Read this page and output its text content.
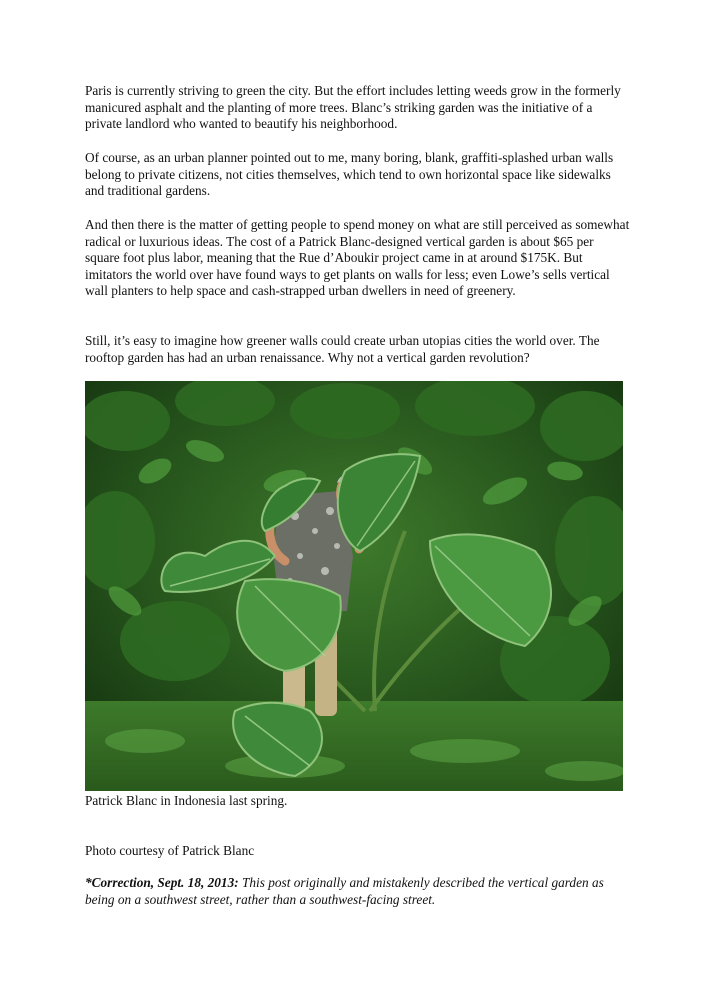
Paris is currently striving to green the city. But the effort includes letting weeds grow in the formerly manicured asphalt and the planting of more trees. Blanc’s striking garden was the initiative of a private landlord who wanted to beautify his neighborhood.

Of course, as an urban planner pointed out to me, many boring, blank, graffiti-splashed urban walls belong to private citizens, not cities themselves, which tend to own horizontal space like sidewalks and traditional gardens.

And then there is the matter of getting people to spend money on what are still perceived as somewhat radical or luxurious ideas. The cost of a Patrick Blanc-designed vertical garden is about $65 per square foot plus labor, meaning that the Rue d’Aboukir project came in at around $175K. But imitators the world over have found ways to get plants on walls for less; even Lowe’s sells vertical wall planters to help space and cash-strapped urban dwellers in need of greenery.

Still, it’s easy to imagine how greener walls could create urban utopias cities the world over. The rooftop garden has had an urban renaissance. Why not a vertical garden revolution?

Patrick Blanc in Indonesia last spring.

Photo courtesy of Patrick Blanc

*Correction, Sept. 18, 2013: This post originally and mistakenly described the vertical garden as being on a southwest street, rather than a southwest-facing street.
